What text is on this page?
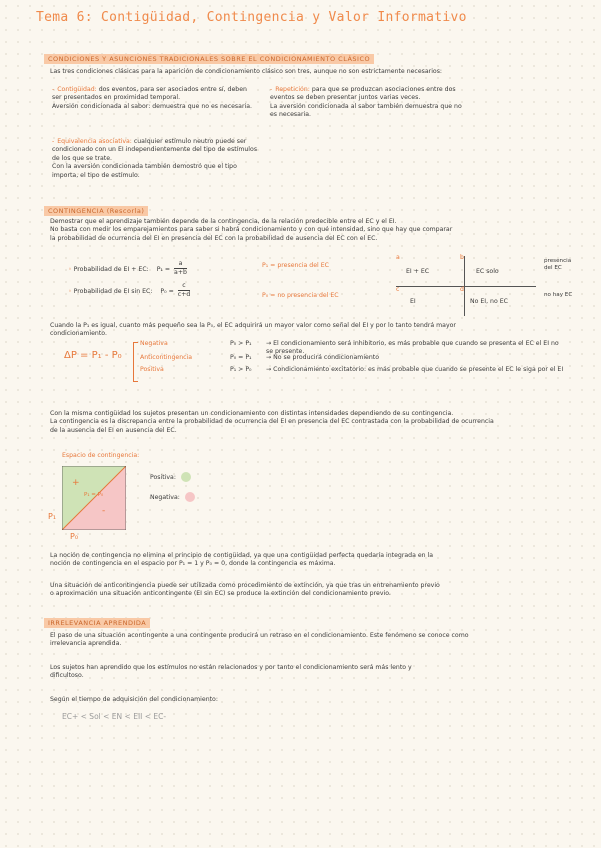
Tema 6: Contigüidad, Contingencia y Valor Informativo
CONDICIONES Y ASUNCIONES TRADICIONALES SOBRE EL CONDICIONAMIENTO CLÁSICO
Las tres condiciones clásicas para la aparición de condicionamiento clásico son tres, aunque no son estrictamente necesarios:
- Contigüidad: dos eventos, para ser asociados entre sí, deben ser presentados en proximidad temporal.
Aversión condicionada al sabor: demuestra que no es necesaria.
- Repetición: para que se produzcan asociaciones entre dos eventos se deben presentar juntos varias veces.
La aversión condicionada al sabor también demuestra que no es necesaria.
- Equivalencia asociativa: cualquier estímulo neutro puede ser condicionado con un EI independientemente del tipo de estímulos de los que se trate.
Con la aversión condicionada también demostró que el tipo importa, el tipo de estímulo.
CONTINGENCIA (Rescorla)
Demostrar que el aprendizaje también depende de la contingencia, de la relación predecible entre el EC y el EI.
No basta con medir los emparejamientos para saber si habrá condicionamiento y con qué intensidad, sino que hay que comparar
la probabilidad de ocurrencia del EI en presencia del EC con la probabilidad de ausencia del EC con el EC.
◦ Probabilidad de EI + EC: $P_1 = \frac{a}{a+b}$
◦ Probabilidad de EI sin EC: $P_0 = \frac{c}{c+d}$
P₁ = presencia del EC
P₀ = no presencia del EC
a	b
c	d
EI + EC	EC solo
EI	No EI, no EC
presencia del EC
no hay EC
Cuando la P₁ es igual, cuanto más pequeño sea la P₀, el EC adquirirá un mayor valor como señal del EI y por lo tanto tendrá mayor
condicionamiento.
ΔP = P₁ - P₀
Negativa	P₀ > P₁ → El condicionamiento será inhibitorio, es más probable que cuando se presenta el EC el EI no se presente.
Anticontingencia	P₀ = P₁ → No se producirá condicionamiento
Positiva	P₁ > P₀ → Condicionamiento excitatorio: es más probable que cuando se presente el EC le siga por el EI
Con la misma contigüidad los sujetos presentan un condicionamiento con distintas intensidades dependiendo de su contingencia.
La contingencia es la discrepancia entre la probabilidad de ocurrencia del EI en presencia del EC contrastada con la probabilidad de ocurrencia
de la ausencia del EI en ausencia del EC.
Espacio de contingencia:
+
-
P₁ = P₀
P₁
P₀
Positiva:
Negativa:
La noción de contingencia no elimina el principio de contigüidad, ya que una contigüidad perfecta quedaría integrada en la
noción de contingencia en el espacio por P₁ = 1 y P₀ = 0, donde la contingencia es máxima.
Una situación de anticontingencia puede ser utilizada como procedimiento de extinción, ya que tras un entrenamiento previo
o aproximación una situación anticontingente (EI sin EC) se produce la extinción del condicionamiento previo.
IRRELEVANCIA APRENDIDA
El paso de una situación acontingente a una contingente producirá un retraso en el condicionamiento. Este fenómeno se conoce como
irrelevancia aprendida.
Los sujetos han aprendido que los estímulos no están relacionados y por tanto el condicionamiento será más lento y
dificultoso.
Según el tiempo de adquisición del condicionamiento:
EC+ < Sol < EN < EII < EC-
